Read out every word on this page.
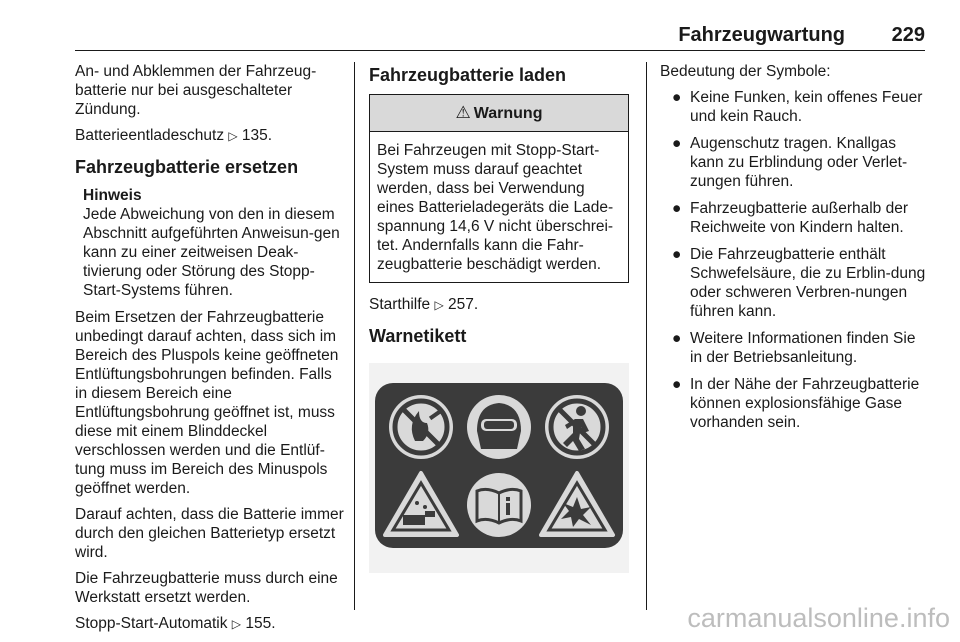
Fahrzeugwartung 229

An- und Abklemmen der Fahrzeug-batterie nur bei ausgeschalteter Zündung.

Batterieentladeschutz ▷ 135.

Fahrzeugbatterie ersetzen
Hinweis
Jede Abweichung von den in diesem Abschnitt aufgeführten Anweisun-gen kann zu einer zeitweisen Deak-tivierung oder Störung des Stopp-Start-Systems führen.

Beim Ersetzen der Fahrzeugbatterie unbedingt darauf achten, dass sich im Bereich des Pluspols keine geöffneten Entlüftungsbohrungen befinden. Falls in diesem Bereich eine Entlüftungsbohrung geöffnet ist, muss diese mit einem Blinddeckel verschlossen werden und die Entlüf-tung muss im Bereich des Minuspols geöffnet werden.

Darauf achten, dass die Batterie immer durch den gleichen Batterietyp ersetzt wird.

Die Fahrzeugbatterie muss durch eine Werkstatt ersetzt werden.

Stopp-Start-Automatik ▷ 155.

Fahrzeugbatterie laden
⚠ Warnung
Bei Fahrzeugen mit Stopp-Start-System muss darauf geachtet werden, dass bei Verwendung eines Batterieladegeräts die Lade-spannung 14,6 V nicht überschrei-tet. Andernfalls kann die Fahr-zeugbatterie beschädigt werden.

Starthilfe ▷ 257.

Warnetikett

Bedeutung der Symbole:

● Keine Funken, kein offenes Feuer und kein Rauch.
● Augenschutz tragen. Knallgas kann zu Erblindung oder Verlet-zungen führen.
● Fahrzeugbatterie außerhalb der Reichweite von Kindern halten.
● Die Fahrzeugbatterie enthält Schwefelsäure, die zu Erblin-dung oder schweren Verbren-nungen führen kann.
● Weitere Informationen finden Sie in der Betriebsanleitung.
● In der Nähe der Fahrzeugbatterie können explosionsfähige Gase vorhanden sein.
carmanualsonline.info
